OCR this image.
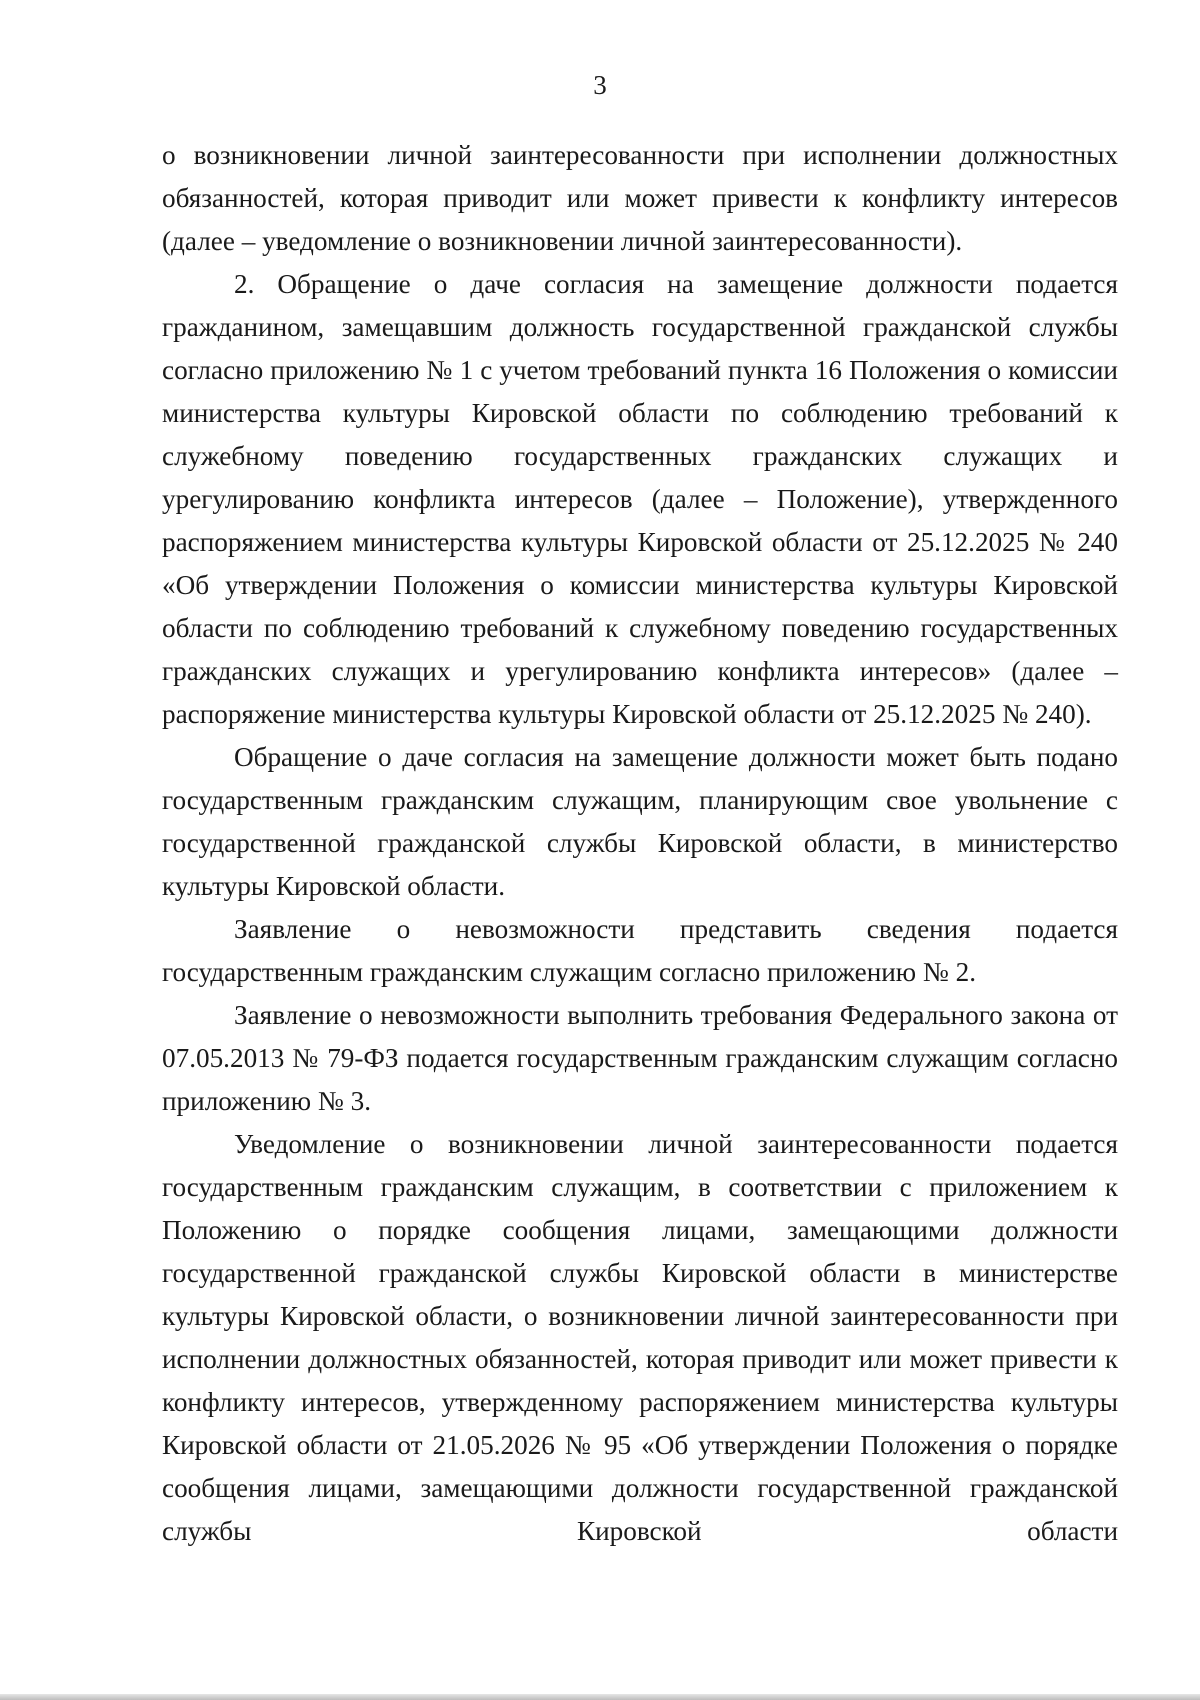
3

о возникновении личной заинтересованности при исполнении должностных обязанностей, которая приводит или может привести к конфликту интересов (далее – уведомление о возникновении личной заинтересованности).

2. Обращение о даче согласия на замещение должности подается гражданином, замещавшим должность государственной гражданской службы согласно приложению № 1 с учетом требований пункта 16 Положения о комиссии министерства культуры Кировской области по соблюдению требований к служебному поведению государственных гражданских служащих и урегулированию конфликта интересов (далее – Положение), утвержденного распоряжением министерства культуры Кировской области от 25.12.2025 № 240 «Об утверждении Положения о комиссии министерства культуры Кировской области по соблюдению требований к служебному поведению государственных гражданских служащих и урегулированию конфликта интересов» (далее – распоряжение министерства культуры Кировской области от 25.12.2025 № 240).

Обращение о даче согласия на замещение должности может быть подано государственным гражданским служащим, планирующим свое увольнение с государственной гражданской службы Кировской области, в министерство культуры Кировской области.

Заявление о невозможности представить сведения подается государственным гражданским служащим согласно приложению № 2.

Заявление о невозможности выполнить требования Федерального закона от 07.05.2013 № 79-ФЗ подается государственным гражданским служащим согласно приложению № 3.

Уведомление о возникновении личной заинтересованности подается государственным гражданским служащим, в соответствии с приложением к Положению о порядке сообщения лицами, замещающими должности государственной гражданской службы Кировской области в министерстве культуры Кировской области, о возникновении личной заинтересованности при исполнении должностных обязанностей, которая приводит или может привести к конфликту интересов, утвержденному распоряжением министерства культуры Кировской области от 21.05.2026 № 95 «Об утверждении Положения о порядке сообщения лицами, замещающими должности государственной гражданской службы Кировской области
